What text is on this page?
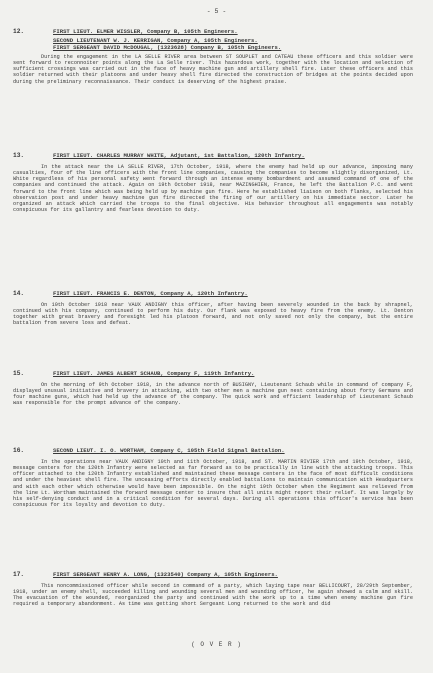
- 5 -
12.	FIRST LIEUT. ELMER WISSLER, Company B, 105th Engineers.
SECOND LIEUTENANT W. J. KERRIGAN, Company A, 105th Engineers.
FIRST SERGEANT DAVID McDOUGAL, (1323628) Company B, 105th Engineers.
During the engagement in the LA SELLE RIVER area between ST SOUPLET and CATEAU these officers and this soldier were sent forward to reconnoiter points along the La Selle river. This hazardous work, together with the location and selection of sufficient crossings was carried out in the face of heavy machine gun and artillery shell fire. Later these officers and this soldier returned with their platoons and under heavy shell fire directed the construction of bridges at the points decided upon during the preliminary reconnaissance. Their conduct is deserving of the highest praise.
13.	FIRST LIEUT. CHARLES MURRAY WHITE, Adjutant, 1st Battalion, 120th Infantry.
In the attack near the LA SELLE RIVER, 17th October, 1918, where the enemy had held up our advance, imposing many casualties, four of the line officers with the front line companies, causing the companies to become slightly disorganized, Lt. White regardless of his personal safety went forward through an intense enemy bombardment and assumed command of one of the companies and continued the attack. Again on 19th October 1918, near MAZINGHIEN, France, he left the Battalion P.C. and went forward to the front line which was being held up by machine gun fire. Here he established liaison on both flanks, selected his observation post and under heavy machine gun fire directed the firing of our artillery on his immediate sector. Later he organized an attack which carried the troops to the final objective. His behavior throughout all engagements was notably conspicuous for its gallantry and fearless devotion to duty.
14.	FIRST LIEUT. FRANCIS E. DENTON, Company A, 120th Infantry.
On 10th October 1918 near VAUX ANDIGNY this officer, after having been severely wounded in the back by shrapnel, continued with his company, continued to perform his duty. Our flank was exposed to heavy fire from the enemy. Lt. Denton together with great bravery and foresight led his platoon forward, and not only saved not only the company, but the entire battalion from severe loss and defeat.
15.	FIRST LIEUT. JAMES ALBERT SCHAUB, Company F, 119th Infantry.
On the morning of 9th October 1918, in the advance north of BUSIGNY, Lieutenant Schaub while in command of company F, displayed unusual initiative and bravery in attacking, with two other men a machine gun nest containing about forty Germans and four machine guns, which had held up the advance of the company. The quick work and efficient leadership of Lieutenant Schaub was responsible for the prompt advance of the company.
16.	SECOND LIEUT. I. O. WORTHAM, Company C, 105th Field Signal Battalion.
In the operations near VAUX ANDIGNY 10th and 11th October, 1918, and ST. MARTIN RIVIER 17th and 19th October, 1918, message centers for the 120th Infantry were selected as far forward as to be practically in line with the attacking troops. This officer attached to the 120th Infantry established and maintained these message centers in the face of most difficult conditions and under the heaviest shell fire. The unceasing efforts directly enabled battalions to maintain communication with Headquarters and with each other which otherwise would have been impossible. On the night 19th October when the Regiment was relieved from the line Lt. Wortham maintained the forward message center to insure that all units might report their relief. It was largely by his self-denying conduct and in a critical condition for several days. During all operations this officer's service has been conspicuous for its loyalty and devotion to duty.
17.	FIRST SERGEANT HENRY A. LONG, (1323540) Company A, 105th Engineers.
This noncommissioned officer while second in command of a party, which laying tape near BELLICOURT, 28/29th September, 1918, under an enemy shell, succeeded killing and wounding several men and wounding officer, he again showed a calm and skill. The evacuation of the wounded, reorganized the party and continued with the work up to a time when enemy machine gun fire required a temporary abandonment. As time was getting short Sergeant Long returned to the work and did
( O V E R )
